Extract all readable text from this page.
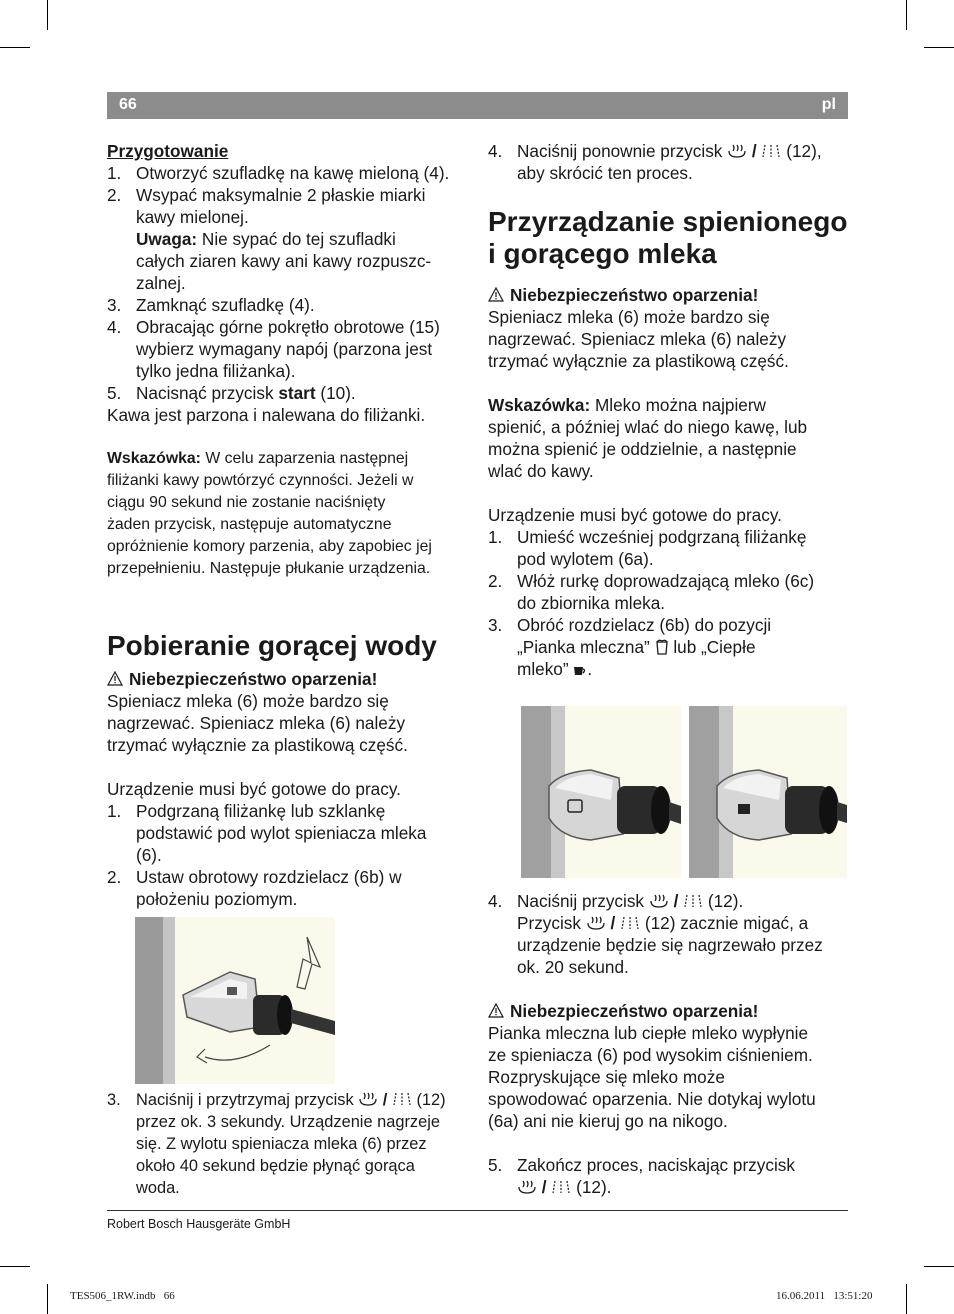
66	pl

Przygotowanie

1. Otworzyć szufladkę na kawę mieloną (4).
2. Wsypać maksymalnie 2 płaskie miarki
kawy mielonej.
Uwaga: Nie sypać do tej szufladki
całych ziaren kawy ani kawy rozpuszc-
zalnej.
3. Zamknąć szufladkę (4).
4. Obracając górne pokrętło obrotowe (15)
wybierz wymagany napój (parzona jest
tylko jedna filiżanka).
5. Nacisnąć przycisk start (10).

Kawa jest parzona i nalewana do filiżanki.

Wskazówka: W celu zaparzenia następnej
filiżanki kawy powtórzyć czynności. Jeżeli w
ciągu 90 sekund nie zostanie naciśnięty
żaden przycisk, następuje automatyczne
opróżnienie komory parzenia, aby zapobiec jej
przepełnieniu. Następuje płukanie urządzenia.

Pobieranie gorącej wody

Niebezpieczeństwo oparzenia!

Spieniacz mleka (6) może bardzo się
nagrzewać. Spieniacz mleka (6) należy
trzymać wyłącznie za plastikową część.

Urządzenie musi być gotowe do pracy.

1. Podgrzaną filiżankę lub szklankę
podstawić pod wylot spieniacza mleka
(6).
2. Ustaw obrotowy rozdzielacz (6b) w
położeniu poziomym.
3. Naciśnij i przytrzymaj przycisk  /  (12)
przez ok. 3 sekundy. Urządzenie nagrzeje
się. Z wylotu spieniacza mleka (6) przez
około 40 sekund będzie płynąć gorąca
woda.
4. Naciśnij ponownie przycisk  /  (12),
aby skrócić ten proces.
Przyrządzanie spienionego
i gorącego mleka

Niebezpieczeństwo oparzenia!

Spieniacz mleka (6) może bardzo się
nagrzewać. Spieniacz mleka (6) należy
trzymać wyłącznie za plastikową część.

Wskazówka: Mleko można najpierw
spienić, a później wlać do niego kawę, lub
można spienić je oddzielnie, a następnie
wlać do kawy.

Urządzenie musi być gotowe do pracy.

1. Umieść wcześniej podgrzaną filiżankę
pod wylotem (6a).
2. Włóż rurkę doprowadzającą mleko (6c)
do zbiornika mleka.
3. Obróć rozdzielacz (6b) do pozycji
„Pianka mleczna”  lub „Ciepłe
mleko” .
4. Naciśnij przycisk  /  (12).
Przycisk  /  (12) zacznie migać, a
urządzenie będzie się nagrzewało przez
ok. 20 sekund.

Niebezpieczeństwo oparzenia!

Pianka mleczna lub ciepłe mleko wypłynie
ze spieniacza (6) pod wysokim ciśnieniem.
Rozpryskujące się mleko może
spowodować oparzenia. Nie dotykaj wylotu
(6a) ani nie kieruj go na nikogo.

5. Zakończ proces, naciskając przycisk
/  (12).
Robert Bosch Hausgeräte GmbH
TES506_1RW.indb   66	16.06.2011   13:51:20
